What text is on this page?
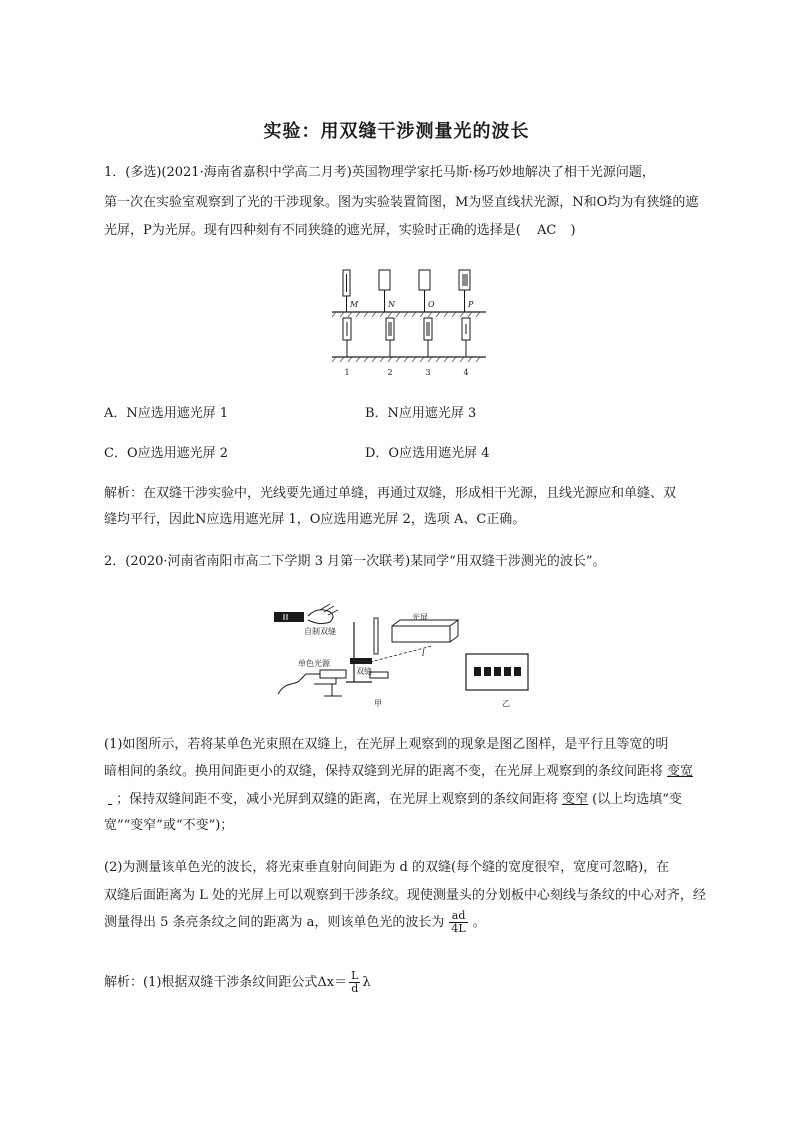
实验：用双缝干涉测量光的波长
1．(多选)(2021·海南省嘉积中学高二月考)英国物理学家托马斯·杨巧妙地解决了相干光源问题，
第一次在实验室观察到了光的干涉现象。图为实验装置简图，M为竖直线状光源，N和O均为有狭缝的遮
光屏，P为光屏。现有四种刻有不同狭缝的遮光屏，实验时正确的选择是( AC )
M	N	O	P
1	2	3	4
A．N应选用遮光屏 1	B．N应用遮光屏 3
C．O应选用遮光屏 2	D．O应选用遮光屏 4
解析：在双缝干涉实验中，光线要先通过单缝，再通过双缝，形成相干光源，且线光源应和单缝、双
缝均平行，因此N应选用遮光屏 1，O应选用遮光屏 2，选项 A、C正确。
2．(2020·河南省南阳市高二下学期 3 月第一次联考)某同学“用双缝干涉测光的波长”。
自制双缝
光屏
l
单色光源
双缝
甲	乙
(1)如图所示，若将某单色光束照在双缝上，在光屏上观察到的现象是图乙图样，是平行且等宽的明
暗相间的条纹。换用间距更小的双缝，保持双缝到光屏的距离不变，在光屏上观察到的条纹间距将 变宽
；保持双缝间距不变，减小光屏到双缝的距离，在光屏上观察到的条纹间距将 变窄 (以上均选填“变
宽”“变窄”或“不变”)；
(2)为测量该单色光的波长，将光束垂直射向间距为 d 的双缝(每个缝的宽度很窄，宽度可忽略)，在
双缝后面距离为 L 处的光屏上可以观察到干涉条纹。现使测量头的分划板中心刻线与条纹的中心对齐，经
测量得出 5 条亮条纹之间的距离为 a，则该单色光的波长为 $\frac{ad}{4L}$ 。
解析：(1)根据双缝干涉条纹间距公式$\Delta x= \frac{L}{d}$ λ
